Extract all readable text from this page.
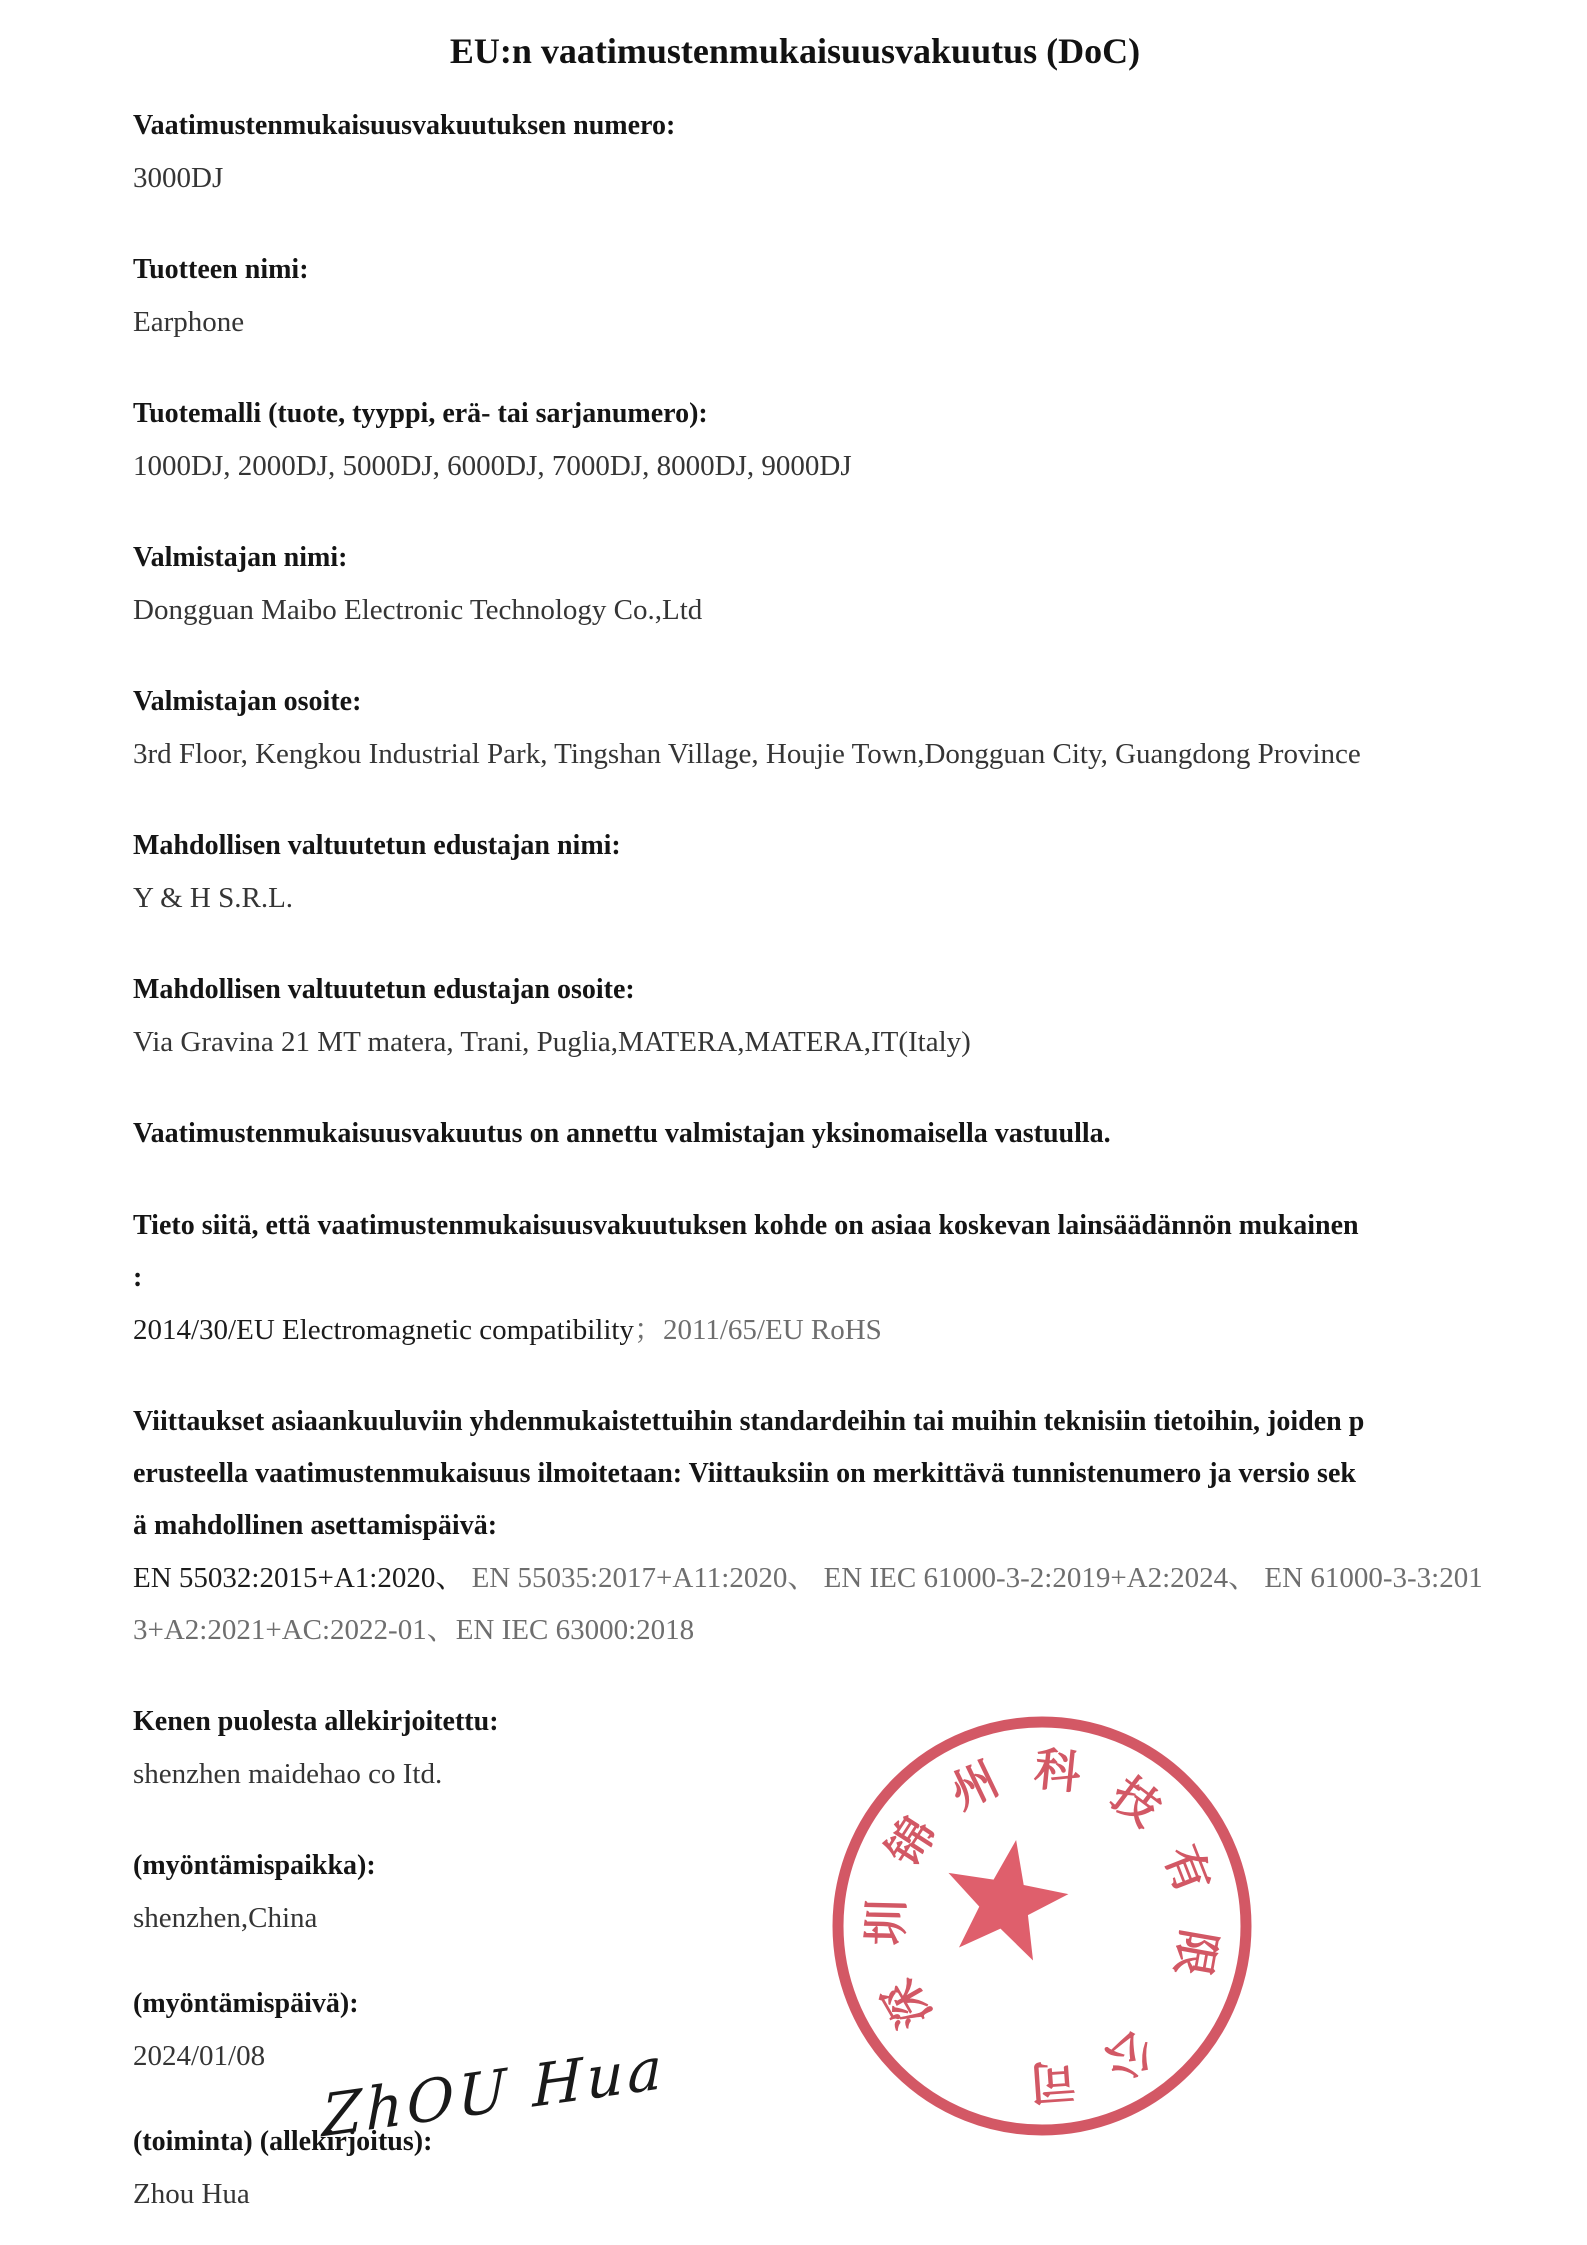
EU:n vaatimustenmukaisuusvakuutus (DoC)
Vaatimustenmukaisuusvakuutuksen numero:
3000DJ
Tuotteen nimi:
Earphone
Tuotemalli (tuote, tyyppi, erä- tai sarjanumero):
1000DJ, 2000DJ, 5000DJ, 6000DJ, 7000DJ, 8000DJ, 9000DJ
Valmistajan nimi:
Dongguan Maibo Electronic Technology Co.,Ltd
Valmistajan osoite:
3rd Floor, Kengkou Industrial Park, Tingshan Village, Houjie Town,Dongguan City, Guangdong Province
Mahdollisen valtuutetun edustajan nimi:
Y & H S.R.L.
Mahdollisen valtuutetun edustajan osoite:
Via Gravina 21 MT matera, Trani, Puglia,MATERA,MATERA,IT(Italy)
Vaatimustenmukaisuusvakuutus on annettu valmistajan yksinomaisella vastuulla.
Tieto siitä, että vaatimustenmukaisuusvakuutuksen kohde on asiaa koskevan lainsäädännön mukainen
:
2014/30/EU Electromagnetic compatibility；2011/65/EU RoHS
Viittaukset asiaankuuluviin yhdenmukaistettuihin standardeihin tai muihin teknisiin tietoihin, joiden p
erusteella vaatimustenmukaisuus ilmoitetaan: Viittauksiin on merkittävä tunnistenumero ja versio sek
ä mahdollinen asettamispäivä:
EN 55032:2015+A1:2020、 EN 55035:2017+A11:2020、 EN IEC 61000-3-2:2019+A2:2024、 EN 61000-3-3:201
3+A2:2021+AC:2022-01、EN IEC 63000:2018
Kenen puolesta allekirjoitettu:
shenzhen maidehao co Itd.
(myöntämispaikka):
shenzhen,China
(myöntämispäivä):
2024/01/08
(toiminta) (allekirjoitus):
Zhou Hua
ZhOU Hua
深
圳
锦
州 科 技
有
限
公
司
